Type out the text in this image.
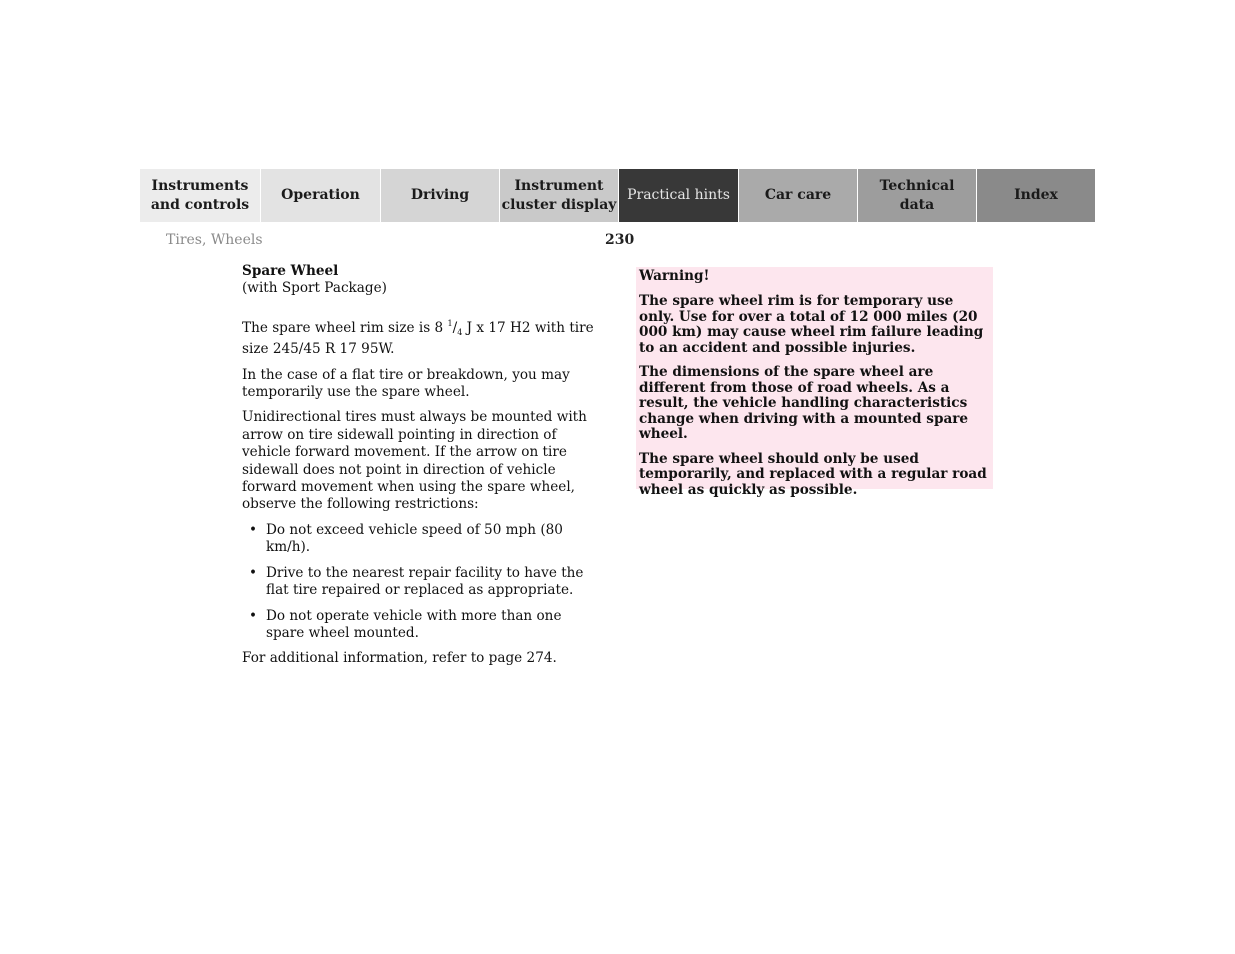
Instruments
and controls
Operation	Driving
Instrument
cluster display
Practical hints	Car care
Technical
data
Index
Tires, Wheels	230
Spare Wheel
(with Sport Package)

The spare wheel rim size is 8 $^1/_4$ J x 17 H2 with tire size 245/45 R 17 95W.

In the case of a flat tire or breakdown, you may temporarily use the spare wheel.

Unidirectional tires must always be mounted with arrow on tire sidewall pointing in direction of vehicle forward movement. If the arrow on tire sidewall does not point in direction of vehicle forward movement when using the spare wheel, observe the following restrictions:

• Do not exceed vehicle speed of 50 mph (80 km/h).
• Drive to the nearest repair facility to have the flat tire repaired or replaced as appropriate.
• Do not operate vehicle with more than one spare wheel mounted.

For additional information, refer to page 274.

Warning!

The spare wheel rim is for temporary use only. Use for over a total of 12 000 miles (20 000 km) may cause wheel rim failure leading to an accident and possible injuries.

The dimensions of the spare wheel are different from those of road wheels. As a result, the vehicle handling characteristics change when driving with a mounted spare wheel.

The spare wheel should only be used temporarily, and replaced with a regular road wheel as quickly as possible.
